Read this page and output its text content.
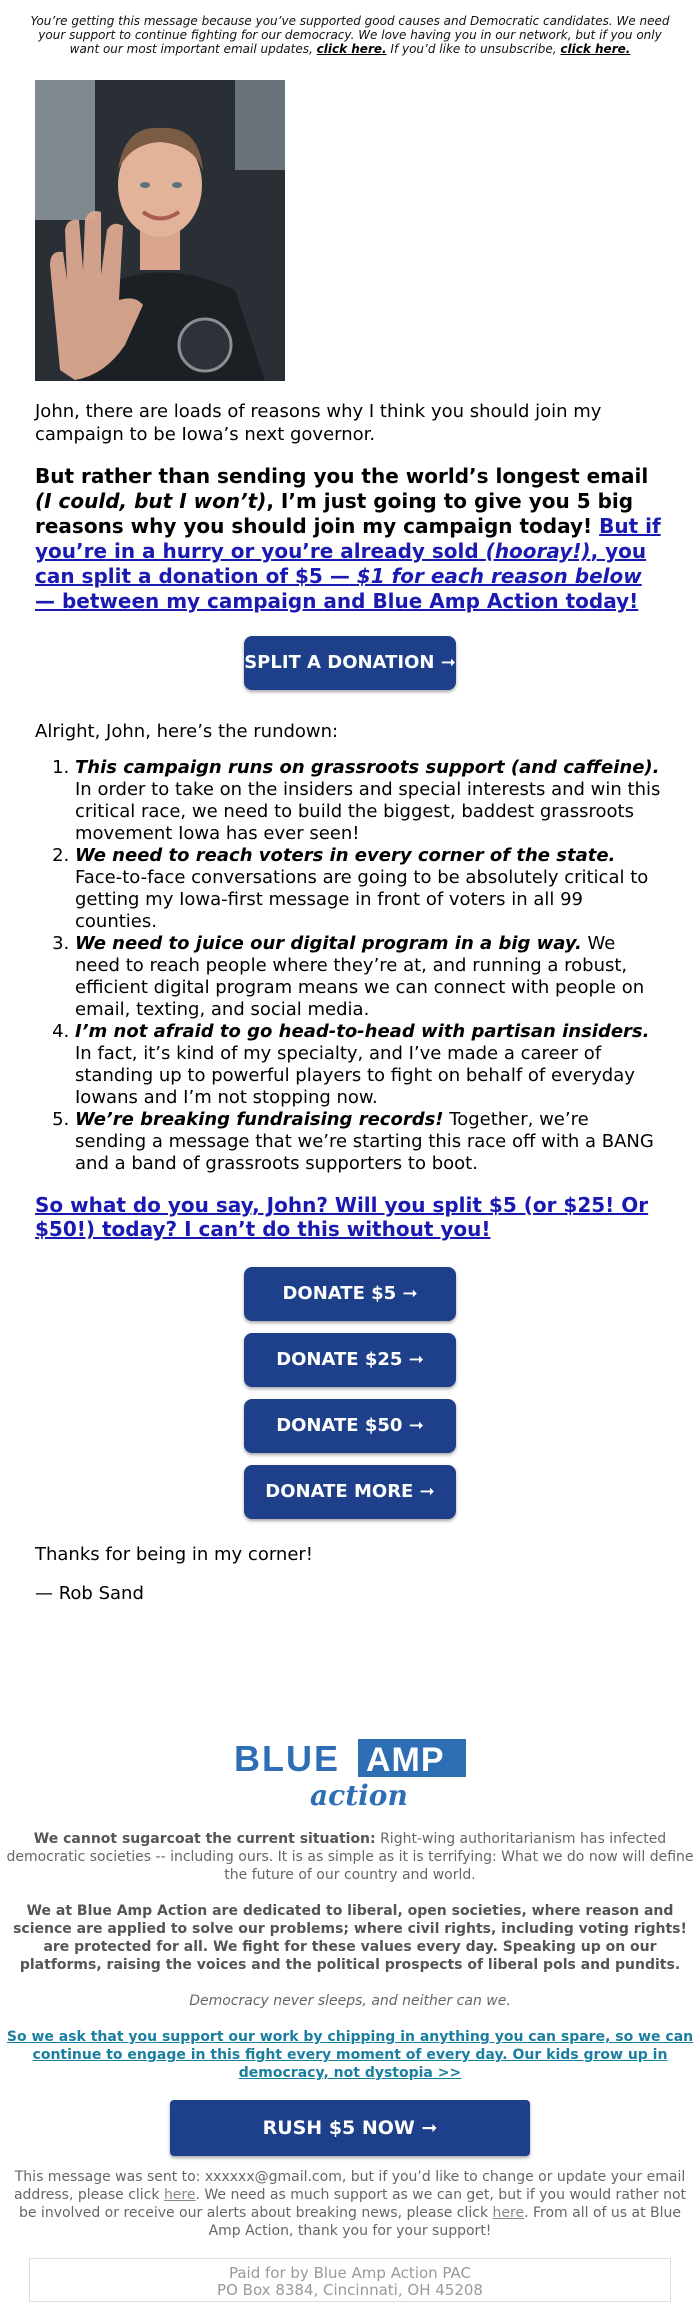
You’re getting this message because you’ve supported good causes and Democratic candidates. We need your support to continue fighting for our democracy. We love having you in our network, but if you only want our most important email updates, click here. If you’d like to unsubscribe, click here.

John, there are loads of reasons why I think you should join my campaign to be Iowa’s next governor.

But rather than sending you the world’s longest email (I could, but I won’t), I’m just going to give you 5 big reasons why you should join my campaign today! But if you’re in a hurry or you’re already sold (hooray!), you can split a donation of $5 — $1 for each reason below — between my campaign and Blue Amp Action today!

SPLIT A DONATION ➞

Alright, John, here’s the rundown:

1. This campaign runs on grassroots support (and caffeine). In order to take on the insiders and special interests and win this critical race, we need to build the biggest, baddest grassroots movement Iowa has ever seen!
2. We need to reach voters in every corner of the state. Face-to-face conversations are going to be absolutely critical to getting my Iowa-first message in front of voters in all 99 counties.
3. We need to juice our digital program in a big way. We need to reach people where they’re at, and running a robust, efficient digital program means we can connect with people on email, texting, and social media.
4. I’m not afraid to go head-to-head with partisan insiders. In fact, it’s kind of my specialty, and I’ve made a career of standing up to powerful players to fight on behalf of everyday Iowans and I’m not stopping now.
5. We’re breaking fundraising records! Together, we’re sending a message that we’re starting this race off with a BANG and a band of grassroots supporters to boot.

So what do you say, John? Will you split $5 (or $25! Or $50!) today? I can’t do this without you!

DONATE $5 ➞
DONATE $25 ➞
DONATE $50 ➞
DONATE MORE ➞

Thanks for being in my corner!

— Rob Sand

BLUE AMP
action

We cannot sugarcoat the current situation: Right-wing authoritarianism has infected democratic societies -- including ours. It is as simple as it is terrifying: What we do now will define the future of our country and world.

We at Blue Amp Action are dedicated to liberal, open societies, where reason and science are applied to solve our problems; where civil rights, including voting rights! are protected for all. We fight for these values every day. Speaking up on our platforms, raising the voices and the political prospects of liberal pols and pundits.

Democracy never sleeps, and neither can we.

So we ask that you support our work by chipping in anything you can spare, so we can continue to engage in this fight every moment of every day. Our kids grow up in democracy, not dystopia >>

RUSH $5 NOW ➞

This message was sent to: xxxxxx@gmail.com, but if you’d like to change or update your email address, please click here. We need as much support as we can get, but if you would rather not be involved or receive our alerts about breaking news, please click here. From all of us at Blue Amp Action, thank you for your support!

Paid for by Blue Amp Action PAC
PO Box 8384, Cincinnati, OH 45208
